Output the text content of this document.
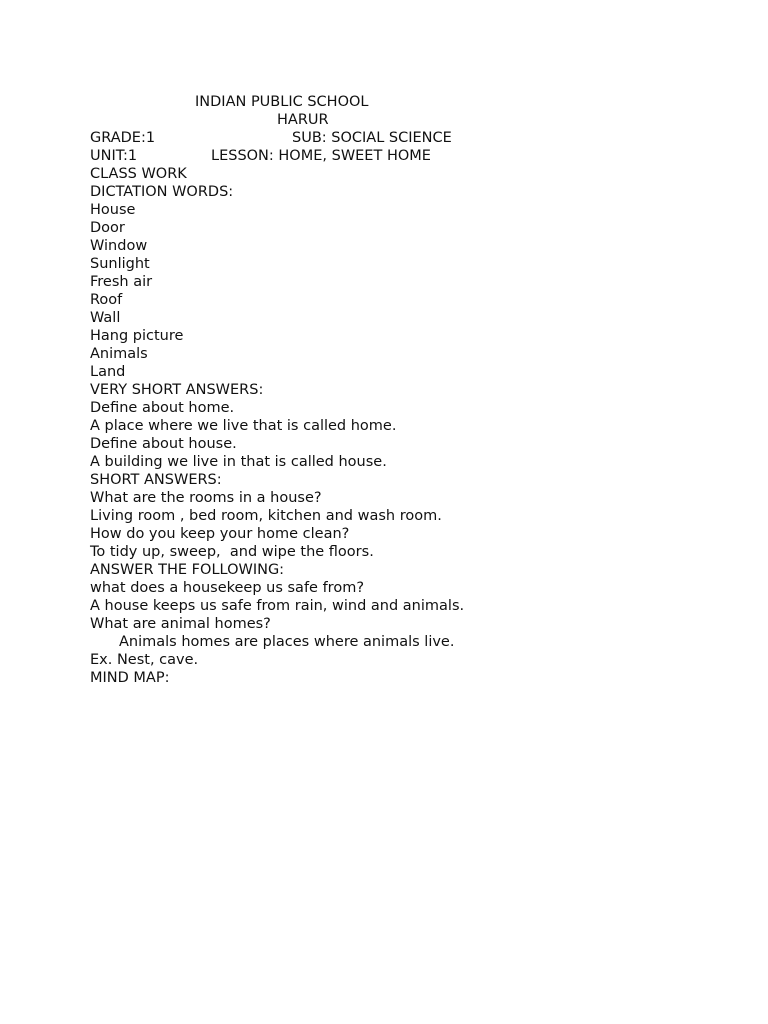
INDIAN PUBLIC SCHOOL
HARUR
GRADE:1	SUB: SOCIAL SCIENCE
UNIT:1	LESSON: HOME, SWEET HOME
CLASS WORK
DICTATION WORDS:
House
Door
Window
Sunlight
Fresh air
Roof
Wall
Hang picture
Animals
Land
VERY SHORT ANSWERS:
Define about home.
A place where we live that is called home.
Define about house.
A building we live in that is called house.
SHORT ANSWERS:
What are the rooms in a house?
Living room , bed room, kitchen and wash room.
How do you keep your home clean?
To tidy up, sweep,  and wipe the floors.
ANSWER THE FOLLOWING:
what does a housekeep us safe from?
A house keeps us safe from rain, wind and animals.
What are animal homes?
Animals homes are places where animals live.
Ex. Nest, cave.
MIND MAP:
